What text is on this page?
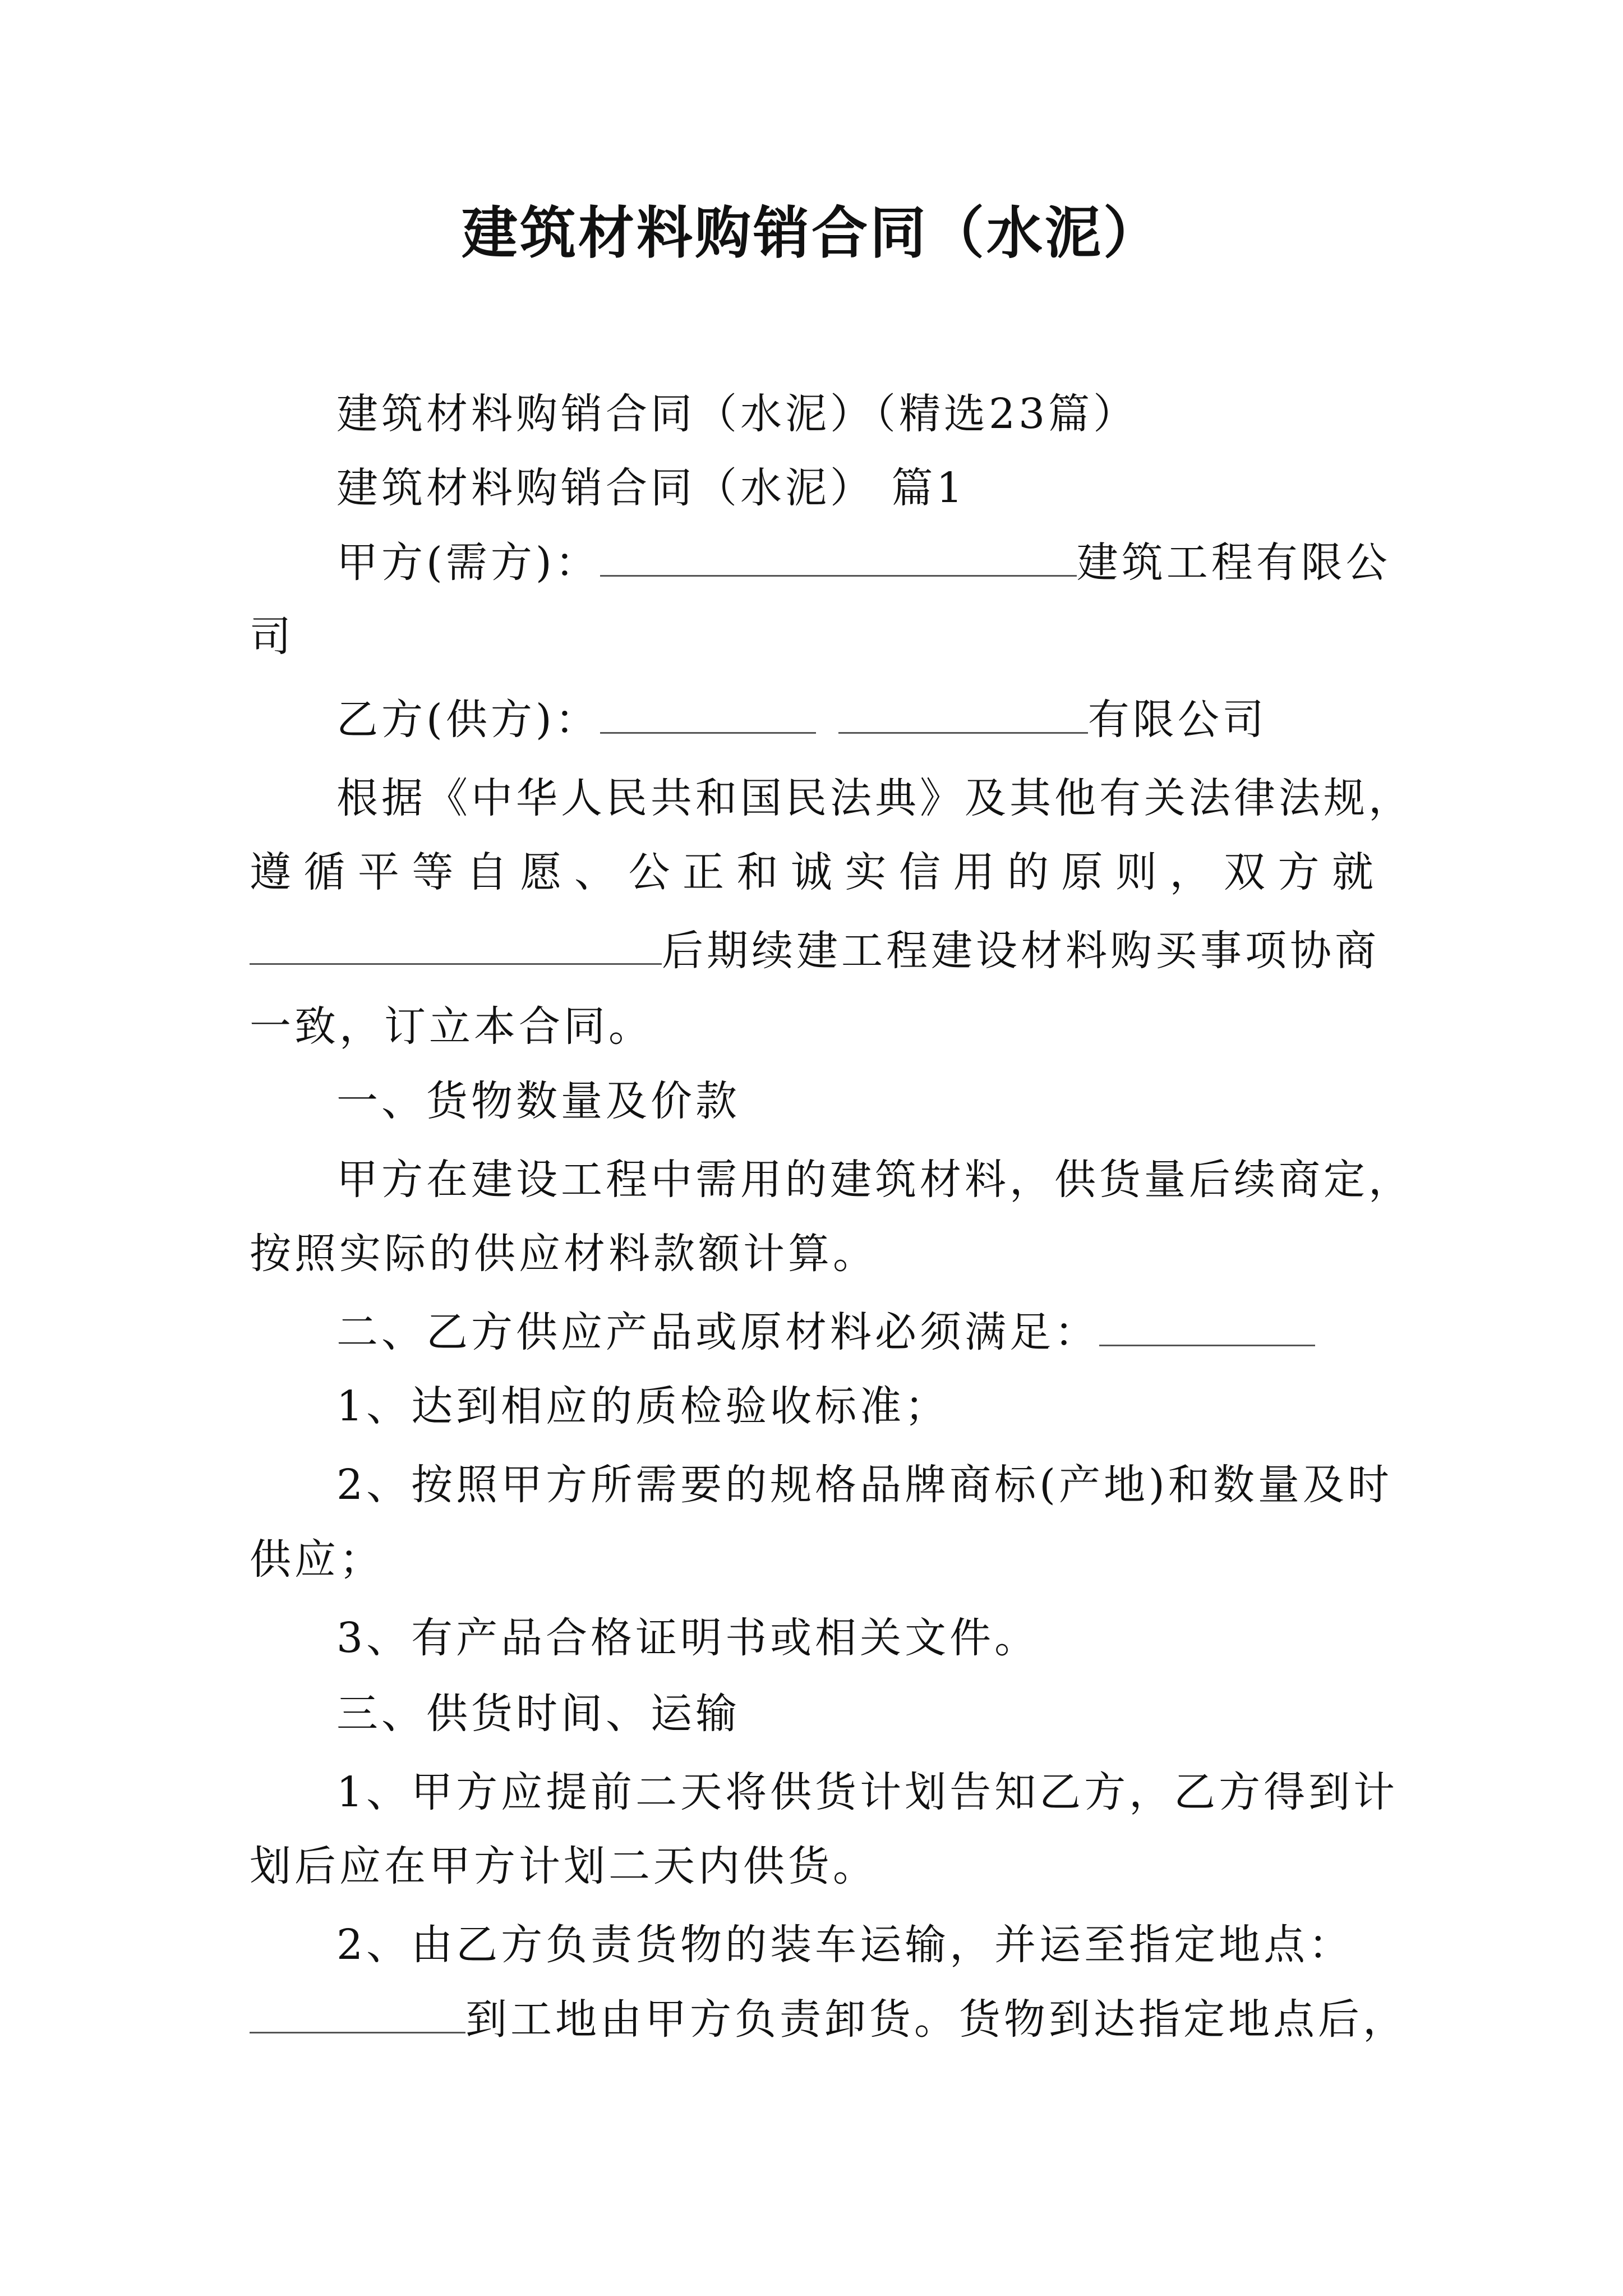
建筑材料购销合同（水泥）
建筑材料购销合同（水泥）（精选23篇）
建筑材料购销合同（水泥） 篇1
甲方(需方)：	建筑工程有限公
司
乙方(供方)：	有限公司
根据《中华人民共和国民法典》及其他有关法律法规，
遵循平等自愿、公正和诚实信用的原则，双方就
后期续建工程建设材料购买事项协商
一致，订立本合同。
一、货物数量及价款
甲方在建设工程中需用的建筑材料，供货量后续商定，
按照实际的供应材料款额计算。
二、乙方供应产品或原材料必须满足：
1、达到相应的质检验收标准；
2、按照甲方所需要的规格品牌商标(产地)和数量及时
供应；
3、有产品合格证明书或相关文件。
三、供货时间、运输
1、甲方应提前二天将供货计划告知乙方，乙方得到计
划后应在甲方计划二天内供货。
2、由乙方负责货物的装车运输，并运至指定地点：
到工地由甲方负责卸货。货物到达指定地点后，
